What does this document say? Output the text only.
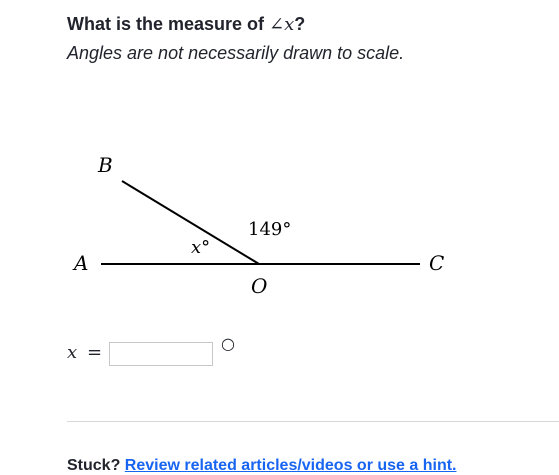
What is the measure of ∠x?
Angles are not necessarily drawn to scale.
B
A	C
O
149°
x°
x =	○
Stuck? Review related articles/videos or use a hint.
